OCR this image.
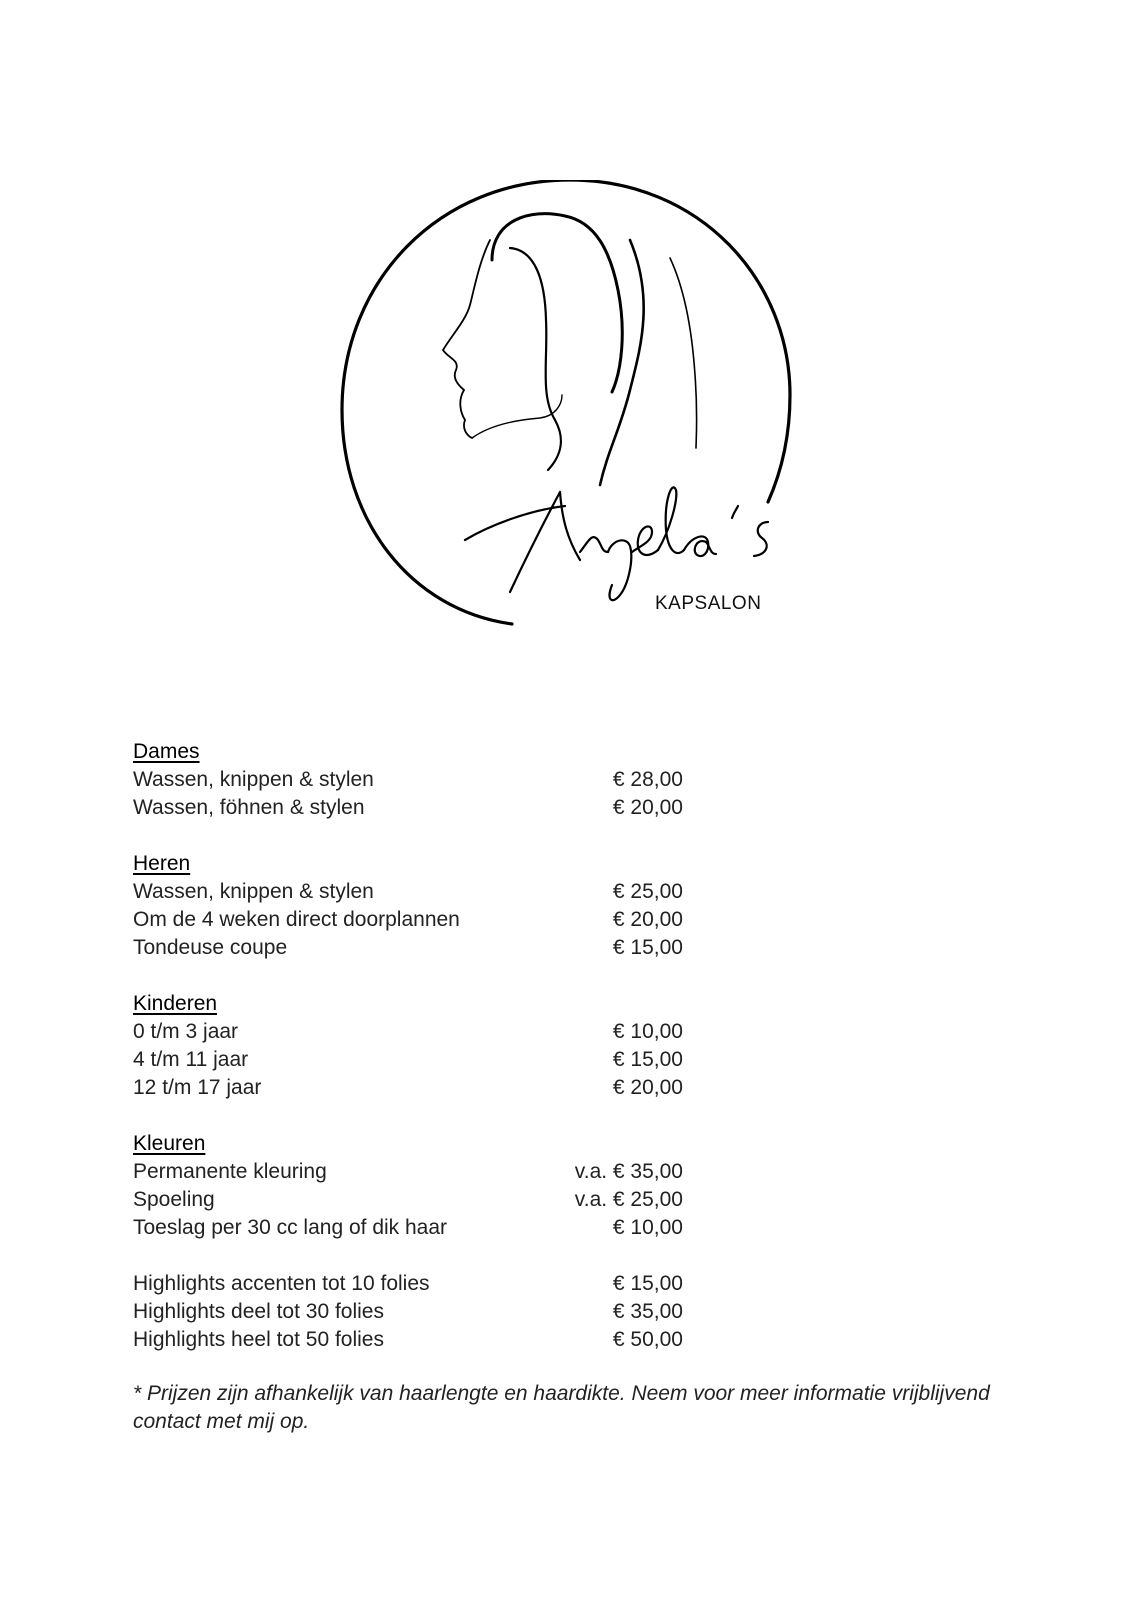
KAPSALON
Dames
Wassen, knippen & stylen	€ 28,00
Wassen, föhnen & stylen	€ 20,00
Heren
Wassen, knippen & stylen	€ 25,00
Om de 4 weken direct doorplannen	€ 20,00
Tondeuse coupe	€ 15,00
Kinderen
0 t/m 3 jaar	€ 10,00
4 t/m 11 jaar	€ 15,00
12 t/m 17 jaar	€ 20,00
Kleuren
Permanente kleuring	v.a. € 35,00
Spoeling	v.a. € 25,00
Toeslag per 30 cc lang of dik haar	€ 10,00
Highlights accenten tot 10 folies	€ 15,00
Highlights deel tot 30 folies	€ 35,00
Highlights heel tot 50 folies	€ 50,00
* Prijzen zijn afhankelijk van haarlengte en haardikte. Neem voor meer informatie vrijblijvend contact met mij op.
